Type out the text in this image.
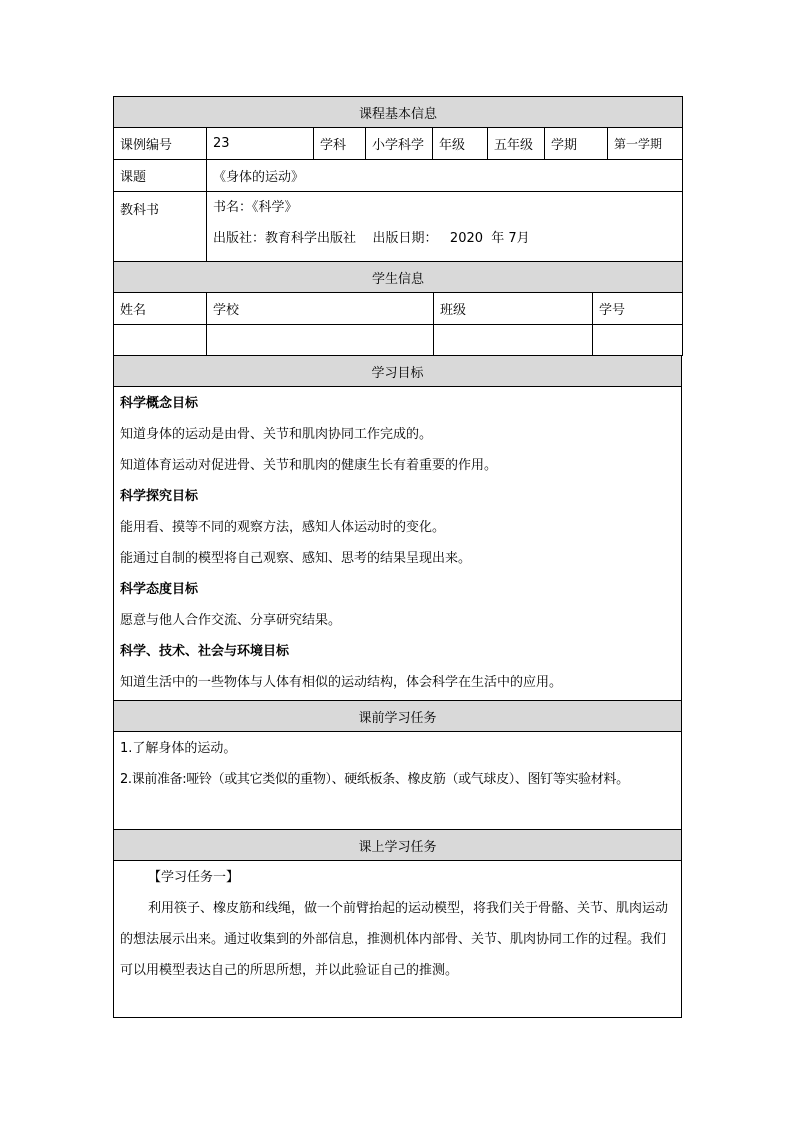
课程基本信息							
课例编号	23	学科	小学科学	年级	五年级	学期	第一学期
课题	《身体的运动》						
教科书	书名：《科学》
出版社：教育科学出版社    出版日期：   2020  年 7月						
学生信息			
姓名	学校	班级	学号

学习目标

科学概念目标
知道身体的运动是由骨、关节和肌肉协同工作完成的。
知道体育运动对促进骨、关节和肌肉的健康生长有着重要的作用。
科学探究目标
能用看、摸等不同的观察方法，感知人体运动时的变化。
能通过自制的模型将自己观察、感知、思考的结果呈现出来。
科学态度目标
愿意与他人合作交流、分享研究结果。
科学、技术、社会与环境目标
知道生活中的一些物体与人体有相似的运动结构，体会科学在生活中的应用。
课前学习任务

1.了解身体的运动。
2.课前准备:哑铃（或其它类似的重物）、硬纸板条、橡皮筋（或气球皮）、图钉等实验材料。
课上学习任务

【学习任务一】
利用筷子、橡皮筋和线绳，做一个前臂抬起的运动模型，将我们关于骨骼、关节、肌肉运动的想法展示出来。通过收集到的外部信息，推测机体内部骨、关节、肌肉协同工作的过程。我们可以用模型表达自己的所思所想，并以此验证自己的推测。
